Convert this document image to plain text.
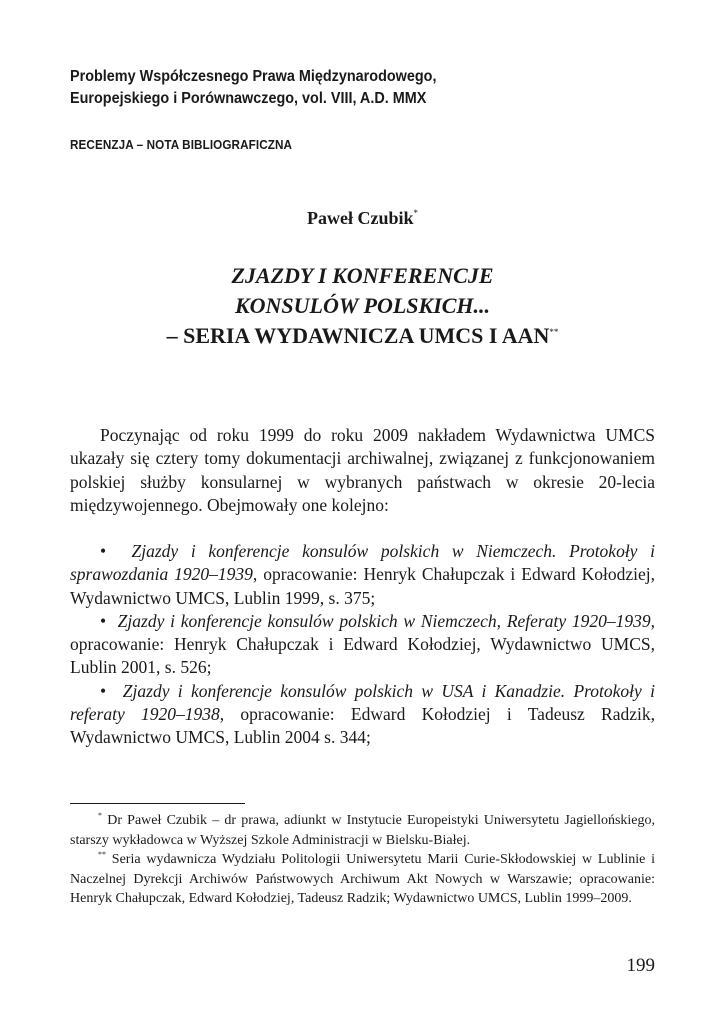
Problemy Współczesnego Prawa Międzynarodowego,
Europejskiego i Porównawczego, vol. VIII, A.D. MMX
RECENZJA – NOTA BIBLIOGRAFICZNA
Paweł Czubik*
ZJAZDY I KONFERENCJE
KONSULÓW POLSKICH...
– SERIA WYDAWNICZA UMCS I AAN**

Poczynając od roku 1999 do roku 2009 nakładem Wydawnictwa UMCS ukazały się cztery tomy dokumentacji archiwalnej, związanej z funkcjonowaniem polskiej służby konsularnej w wybranych państwach w okresie 20-lecia międzywojennego. Obejmowały one kolejno:

• Zjazdy i konferencje konsulów polskich w Niemczech. Protokoły i sprawozdania 1920–1939, opracowanie: Henryk Chałupczak i Edward Kołodziej, Wydawnictwo UMCS, Lublin 1999, s. 375;

• Zjazdy i konferencje konsulów polskich w Niemczech, Referaty 1920–1939, opracowanie: Henryk Chałupczak i Edward Kołodziej, Wydawnictwo UMCS, Lublin 2001, s. 526;

• Zjazdy i konferencje konsulów polskich w USA i Kanadzie. Protokoły i referaty 1920–1938, opracowanie: Edward Kołodziej i Tadeusz Radzik, Wydawnictwo UMCS, Lublin 2004 s. 344;

* Dr Paweł Czubik – dr prawa, adiunkt w Instytucie Europeistyki Uniwersytetu Jagiellońskiego, starszy wykładowca w Wyższej Szkole Administracji w Bielsku-Białej.

** Seria wydawnicza Wydziału Politologii Uniwersytetu Marii Curie-Skłodowskiej w Lublinie i Naczelnej Dyrekcji Archiwów Państwowych Archiwum Akt Nowych w Warszawie; opracowanie: Henryk Chałupczak, Edward Kołodziej, Tadeusz Radzik; Wydawnictwo UMCS, Lublin 1999–2009.

199
